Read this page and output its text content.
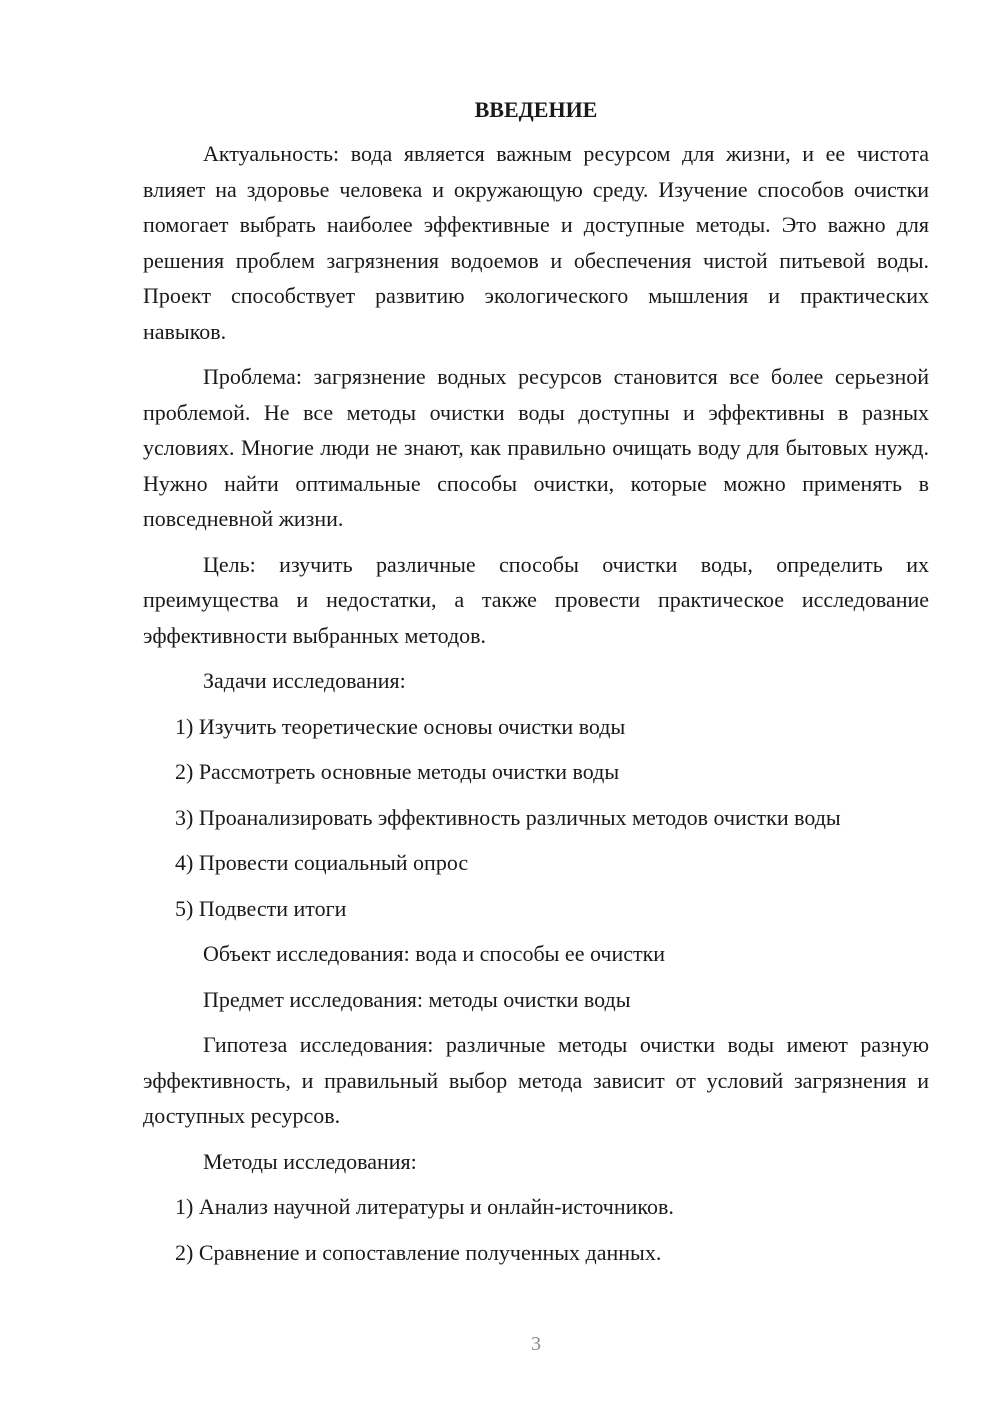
ВВЕДЕНИЕ

Актуальность: вода является важным ресурсом для жизни, и ее чистота влияет на здоровье человека и окружающую среду. Изучение способов очистки помогает выбрать наиболее эффективные и доступные методы. Это важно для решения проблем загрязнения водоемов и обеспечения чистой питьевой воды. Проект способствует развитию экологического мышления и практических навыков.

Проблема: загрязнение водных ресурсов становится все более серьезной проблемой. Не все методы очистки воды доступны и эффективны в разных условиях. Многие люди не знают, как правильно очищать воду для бытовых нужд. Нужно найти оптимальные способы очистки, которые можно применять в повседневной жизни.

Цель: изучить различные способы очистки воды, определить их преимущества и недостатки, а также провести практическое исследование эффективности выбранных методов.

Задачи исследования:

1) Изучить теоретические основы очистки воды

2) Рассмотреть основные методы очистки воды

3) Проанализировать эффективность различных методов очистки воды

4) Провести социальный опрос

5) Подвести итоги

Объект исследования: вода и способы ее очистки

Предмет исследования: методы очистки воды

Гипотеза исследования: различные методы очистки воды имеют разную эффективность, и правильный выбор метода зависит от условий загрязнения и доступных ресурсов.

Методы исследования:

1) Анализ научной литературы и онлайн-источников.

2) Сравнение и сопоставление полученных данных.

3
